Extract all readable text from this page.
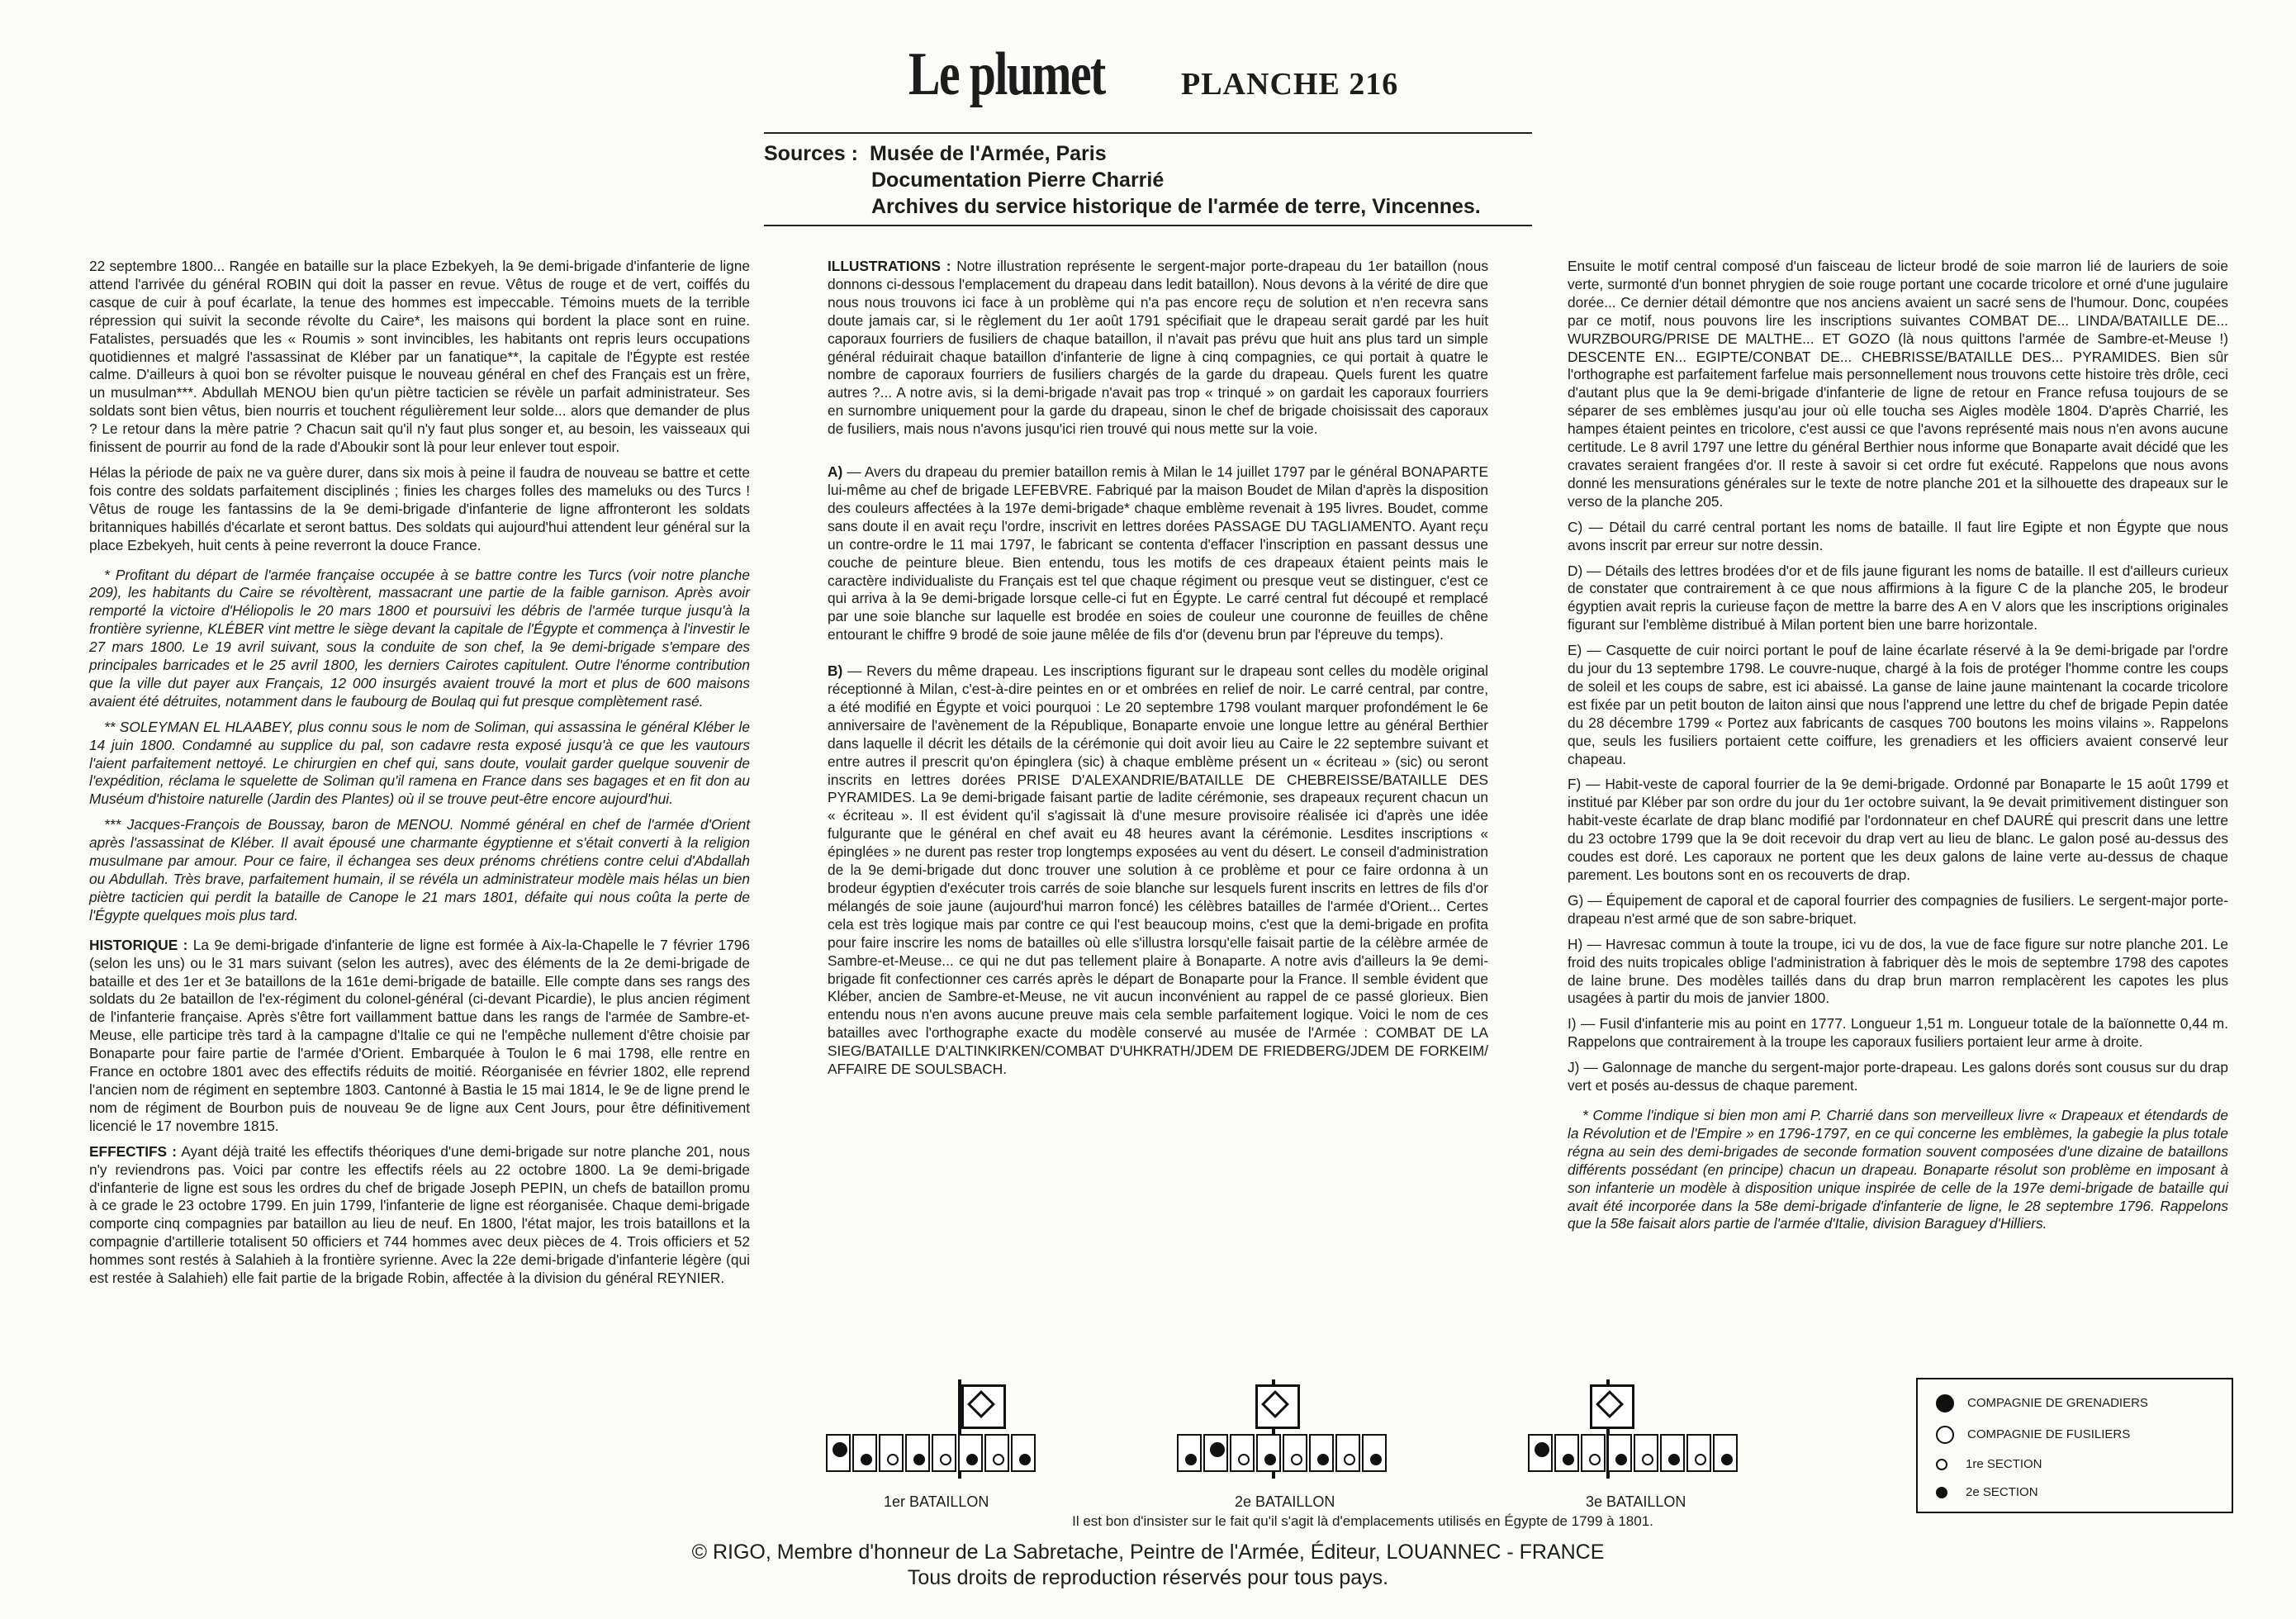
Le plumet PLANCHE 216
Sources : Musée de l'Armée, Paris
Documentation Pierre Charrié
Archives du service historique de l'armée de terre, Vincennes.

22 septembre 1800... Rangée en bataille sur la place Ezbekyeh, la 9e demi-brigade d'infanterie de ligne attend l'arrivée du général ROBIN qui doit la passer en revue. Vêtus de rouge et de vert, coiffés du casque de cuir à pouf écarlate, la tenue des hommes est impeccable. Témoins muets de la terrible répression qui suivit la seconde révolte du Caire*, les maisons qui bordent la place sont en ruine. Fatalistes, persuadés que les « Roumis » sont invincibles, les habitants ont repris leurs occupations quotidiennes et malgré l'assassinat de Kléber par un fanatique**, la capitale de l'Égypte est restée calme. D'ailleurs à quoi bon se révolter puisque le nouveau général en chef des Français est un frère, un musulman***. Abdullah MENOU bien qu'un piètre tacticien se révèle un parfait administrateur. Ses soldats sont bien vêtus, bien nourris et touchent régulièrement leur solde... alors que demander de plus ? Le retour dans la mère patrie ? Chacun sait qu'il n'y faut plus songer et, au besoin, les vaisseaux qui finissent de pourrir au fond de la rade d'Aboukir sont là pour leur enlever tout espoir.

Hélas la période de paix ne va guère durer, dans six mois à peine il faudra de nouveau se battre et cette fois contre des soldats parfaitement disciplinés ; finies les charges folles des mameluks ou des Turcs ! Vêtus de rouge les fantassins de la 9e demi-brigade d'infanterie de ligne affronteront les soldats britanniques habillés d'écarlate et seront battus. Des soldats qui aujourd'hui attendent leur général sur la place Ezbekyeh, huit cents à peine reverront la douce France.

* Profitant du départ de l'armée française occupée à se battre contre les Turcs (voir notre planche 209), les habitants du Caire se révoltèrent, massacrant une partie de la faible garnison. Après avoir remporté la victoire d'Héliopolis le 20 mars 1800 et poursuivi les débris de l'armée turque jusqu'à la frontière syrienne, KLÉBER vint mettre le siège devant la capitale de l'Égypte et commença à l'investir le 27 mars 1800. Le 19 avril suivant, sous la conduite de son chef, la 9e demi-brigade s'empare des principales barricades et le 25 avril 1800, les derniers Cairotes capitulent. Outre l'énorme contribution que la ville dut payer aux Français, 12 000 insurgés avaient trouvé la mort et plus de 600 maisons avaient été détruites, notamment dans le faubourg de Boulaq qui fut presque complètement rasé.

** SOLEYMAN EL HLAABEY, plus connu sous le nom de Soliman, qui assassina le général Kléber le 14 juin 1800. Condamné au supplice du pal, son cadavre resta exposé jusqu'à ce que les vautours l'aient parfaitement nettoyé. Le chirurgien en chef qui, sans doute, voulait garder quelque souvenir de l'expédition, réclama le squelette de Soliman qu'il ramena en France dans ses bagages et en fit don au Muséum d'histoire naturelle (Jardin des Plantes) où il se trouve peut-être encore aujourd'hui.

*** Jacques-François de Boussay, baron de MENOU. Nommé général en chef de l'armée d'Orient après l'assassinat de Kléber. Il avait épousé une charmante égyptienne et s'était converti à la religion musulmane par amour. Pour ce faire, il échangea ses deux prénoms chrétiens contre celui d'Abdallah ou Abdullah. Très brave, parfaitement humain, il se révéla un administrateur modèle mais hélas un bien piètre tacticien qui perdit la bataille de Canope le 21 mars 1801, défaite qui nous coûta la perte de l'Égypte quelques mois plus tard.

HISTORIQUE : La 9e demi-brigade d'infanterie de ligne est formée à Aix-la-Chapelle le 7 février 1796 (selon les uns) ou le 31 mars suivant (selon les autres), avec des éléments de la 2e demi-brigade de bataille et des 1er et 3e bataillons de la 161e demi-brigade de bataille. Elle compte dans ses rangs des soldats du 2e bataillon de l'ex-régiment du colonel-général (ci-devant Picardie), le plus ancien régiment de l'infanterie française. Après s'être fort vaillamment battue dans les rangs de l'armée de Sambre-et-Meuse, elle participe très tard à la campagne d'Italie ce qui ne l'empêche nullement d'être choisie par Bonaparte pour faire partie de l'armée d'Orient. Embarquée à Toulon le 6 mai 1798, elle rentre en France en octobre 1801 avec des effectifs réduits de moitié. Réorganisée en février 1802, elle reprend l'ancien nom de régiment en septembre 1803. Cantonné à Bastia le 15 mai 1814, le 9e de ligne prend le nom de régiment de Bourbon puis de nouveau 9e de ligne aux Cent Jours, pour être définitivement licencié le 17 novembre 1815.

EFFECTIFS : Ayant déjà traité les effectifs théoriques d'une demi-brigade sur notre planche 201, nous n'y reviendrons pas. Voici par contre les effectifs réels au 22 octobre 1800. La 9e demi-brigade d'infanterie de ligne est sous les ordres du chef de brigade Joseph PEPIN, un chefs de bataillon promu à ce grade le 23 octobre 1799. En juin 1799, l'infanterie de ligne est réorganisée. Chaque demi-brigade comporte cinq compagnies par bataillon au lieu de neuf. En 1800, l'état major, les trois bataillons et la compagnie d'artillerie totalisent 50 officiers et 744 hommes avec deux pièces de 4. Trois officiers et 52 hommes sont restés à Salahieh à la frontière syrienne. Avec la 22e demi-brigade d'infanterie légère (qui est restée à Salahieh) elle fait partie de la brigade Robin, affectée à la division du général REYNIER.

ILLUSTRATIONS : Notre illustration représente le sergent-major porte-drapeau du 1er bataillon (nous donnons ci-dessous l'emplacement du drapeau dans ledit bataillon). Nous devons à la vérité de dire que nous nous trouvons ici face à un problème qui n'a pas encore reçu de solution et n'en recevra sans doute jamais car, si le règlement du 1er août 1791 spécifiait que le drapeau serait gardé par les huit caporaux fourriers de fusiliers de chaque bataillon, il n'avait pas prévu que huit ans plus tard un simple général réduirait chaque bataillon d'infanterie de ligne à cinq compagnies, ce qui portait à quatre le nombre de caporaux fourriers de fusiliers chargés de la garde du drapeau. Quels furent les quatre autres ?... A notre avis, si la demi-brigade n'avait pas trop « trinqué » on gardait les caporaux fourriers en surnombre uniquement pour la garde du drapeau, sinon le chef de brigade choisissait des caporaux de fusiliers, mais nous n'avons jusqu'ici rien trouvé qui nous mette sur la voie.

A) — Avers du drapeau du premier bataillon remis à Milan le 14 juillet 1797 par le général BONAPARTE lui-même au chef de brigade LEFEBVRE. Fabriqué par la maison Boudet de Milan d'après la disposition des couleurs affectées à la 197e demi-brigade* chaque emblème revenait à 195 livres. Boudet, comme sans doute il en avait reçu l'ordre, inscrivit en lettres dorées PASSAGE DU TAGLIAMENTO. Ayant reçu un contre-ordre le 11 mai 1797, le fabricant se contenta d'effacer l'inscription en passant dessus une couche de peinture bleue. Bien entendu, tous les motifs de ces drapeaux étaient peints mais le caractère individualiste du Français est tel que chaque régiment ou presque veut se distinguer, c'est ce qui arriva à la 9e demi-brigade lorsque celle-ci fut en Égypte. Le carré central fut découpé et remplacé par une soie blanche sur laquelle est brodée en soies de couleur une couronne de feuilles de chêne entourant le chiffre 9 brodé de soie jaune mêlée de fils d'or (devenu brun par l'épreuve du temps).

B) — Revers du même drapeau. Les inscriptions figurant sur le drapeau sont celles du modèle original réceptionné à Milan, c'est-à-dire peintes en or et ombrées en relief de noir. Le carré central, par contre, a été modifié en Égypte et voici pourquoi : Le 20 septembre 1798 voulant marquer profondément le 6e anniversaire de l'avènement de la République, Bonaparte envoie une longue lettre au général Berthier dans laquelle il décrit les détails de la cérémonie qui doit avoir lieu au Caire le 22 septembre suivant et entre autres il prescrit qu'on épinglera (sic) à chaque emblème présent un « écriteau » (sic) ou seront inscrits en lettres dorées PRISE D'ALEXANDRIE/BATAILLE DE CHEBREISSE/BATAILLE DES PYRAMIDES. La 9e demi-brigade faisant partie de ladite cérémonie, ses drapeaux reçurent chacun un « écriteau ». Il est évident qu'il s'agissait là d'une mesure provisoire réalisée ici d'après une idée fulgurante que le général en chef avait eu 48 heures avant la cérémonie. Lesdites inscriptions « épinglées » ne durent pas rester trop longtemps exposées au vent du désert. Le conseil d'administration de la 9e demi-brigade dut donc trouver une solution à ce problème et pour ce faire ordonna à un brodeur égyptien d'exécuter trois carrés de soie blanche sur lesquels furent inscrits en lettres de fils d'or mélangés de soie jaune (aujourd'hui marron foncé) les célèbres batailles de l'armée d'Orient... Certes cela est très logique mais par contre ce qui l'est beaucoup moins, c'est que la demi-brigade en profita pour faire inscrire les noms de batailles où elle s'illustra lorsqu'elle faisait partie de la célèbre armée de Sambre-et-Meuse... ce qui ne dut pas tellement plaire à Bonaparte. A notre avis d'ailleurs la 9e demi-brigade fit confectionner ces carrés après le départ de Bonaparte pour la France. Il semble évident que Kléber, ancien de Sambre-et-Meuse, ne vit aucun inconvénient au rappel de ce passé glorieux. Bien entendu nous n'en avons aucune preuve mais cela semble parfaitement logique. Voici le nom de ces batailles avec l'orthographe exacte du modèle conservé au musée de l'Armée : COMBAT DE LA SIEG/BATAILLE D'ALTINKIRKEN/COMBAT D'UHKRATH/JDEM DE FRIEDBERG/JDEM DE FORKEIM/ AFFAIRE DE SOULSBACH.

Ensuite le motif central composé d'un faisceau de licteur brodé de soie marron lié de lauriers de soie verte, surmonté d'un bonnet phrygien de soie rouge portant une cocarde tricolore et orné d'une jugulaire dorée... Ce dernier détail démontre que nos anciens avaient un sacré sens de l'humour. Donc, coupées par ce motif, nous pouvons lire les inscriptions suivantes COMBAT DE... LINDA/BATAILLE DE... WURZBOURG/PRISE DE MALTHE... ET GOZO (là nous quittons l'armée de Sambre-et-Meuse !) DESCENTE EN... EGIPTE/CONBAT DE... CHEBRISSE/BATAILLE DES... PYRAMIDES. Bien sûr l'orthographe est parfaitement farfelue mais personnellement nous trouvons cette histoire très drôle, ceci d'autant plus que la 9e demi-brigade d'infanterie de ligne de retour en France refusa toujours de se séparer de ses emblèmes jusqu'au jour où elle toucha ses Aigles modèle 1804. D'après Charrié, les hampes étaient peintes en tricolore, c'est aussi ce que l'avons représenté mais nous n'en avons aucune certitude. Le 8 avril 1797 une lettre du général Berthier nous informe que Bonaparte avait décidé que les cravates seraient frangées d'or. Il reste à savoir si cet ordre fut exécuté. Rappelons que nous avons donné les mensurations générales sur le texte de notre planche 201 et la silhouette des drapeaux sur le verso de la planche 205.

C) — Détail du carré central portant les noms de bataille. Il faut lire Egipte et non Égypte que nous avons inscrit par erreur sur notre dessin.

D) — Détails des lettres brodées d'or et de fils jaune figurant les noms de bataille. Il est d'ailleurs curieux de constater que contrairement à ce que nous affirmions à la figure C de la planche 205, le brodeur égyptien avait repris la curieuse façon de mettre la barre des A en V alors que les inscriptions originales figurant sur l'emblème distribué à Milan portent bien une barre horizontale.

E) — Casquette de cuir noirci portant le pouf de laine écarlate réservé à la 9e demi-brigade par l'ordre du jour du 13 septembre 1798. Le couvre-nuque, chargé à la fois de protéger l'homme contre les coups de soleil et les coups de sabre, est ici abaissé. La ganse de laine jaune maintenant la cocarde tricolore est fixée par un petit bouton de laiton ainsi que nous l'apprend une lettre du chef de brigade Pepin datée du 28 décembre 1799 « Portez aux fabricants de casques 700 boutons les moins vilains ». Rappelons que, seuls les fusiliers portaient cette coiffure, les grenadiers et les officiers avaient conservé leur chapeau.

F) — Habit-veste de caporal fourrier de la 9e demi-brigade. Ordonné par Bonaparte le 15 août 1799 et institué par Kléber par son ordre du jour du 1er octobre suivant, la 9e devait primitivement distinguer son habit-veste écarlate de drap blanc modifié par l'ordonnateur en chef DAURÉ qui prescrit dans une lettre du 23 octobre 1799 que la 9e doit recevoir du drap vert au lieu de blanc. Le galon posé au-dessus des coudes est doré. Les caporaux ne portent que les deux galons de laine verte au-dessus de chaque parement. Les boutons sont en os recouverts de drap.

G) — Équipement de caporal et de caporal fourrier des compagnies de fusiliers. Le sergent-major porte-drapeau n'est armé que de son sabre-briquet.

H) — Havresac commun à toute la troupe, ici vu de dos, la vue de face figure sur notre planche 201. Le froid des nuits tropicales oblige l'administration à fabriquer dès le mois de septembre 1798 des capotes de laine brune. Des modèles taillés dans du drap brun marron remplacèrent les capotes les plus usagées à partir du mois de janvier 1800.

I) — Fusil d'infanterie mis au point en 1777. Longueur 1,51 m. Longueur totale de la baïonnette 0,44 m. Rappelons que contrairement à la troupe les caporaux fusiliers portaient leur arme à droite.

J) — Galonnage de manche du sergent-major porte-drapeau. Les galons dorés sont cousus sur du drap vert et posés au-dessus de chaque parement.

* Comme l'indique si bien mon ami P. Charrié dans son merveilleux livre « Drapeaux et étendards de la Révolution et de l'Empire » en 1796-1797, en ce qui concerne les emblèmes, la gabegie la plus totale régna au sein des demi-brigades de seconde formation souvent composées d'une dizaine de bataillons différents possédant (en principe) chacun un drapeau. Bonaparte résolut son problème en imposant à son infanterie un modèle à disposition unique inspirée de celle de la 197e demi-brigade de bataille qui avait été incorporée dans la 58e demi-brigade d'infanterie de ligne, le 28 septembre 1796. Rappelons que la 58e faisait alors partie de l'armée d'Italie, division Baraguey d'Hilliers.

1er BATAILLON	2e BATAILLON	3e BATAILLON
Il est bon d'insister sur le fait qu'il s'agit là d'emplacements utilisés en Égypte de 1799 à 1801.
COMPAGNIE DE GRENADIERS
COMPAGNIE DE FUSILIERS
1re SECTION
2e SECTION
© RIGO, Membre d'honneur de La Sabretache, Peintre de l'Armée, Éditeur, LOUANNEC - FRANCE
Tous droits de reproduction réservés pour tous pays.
